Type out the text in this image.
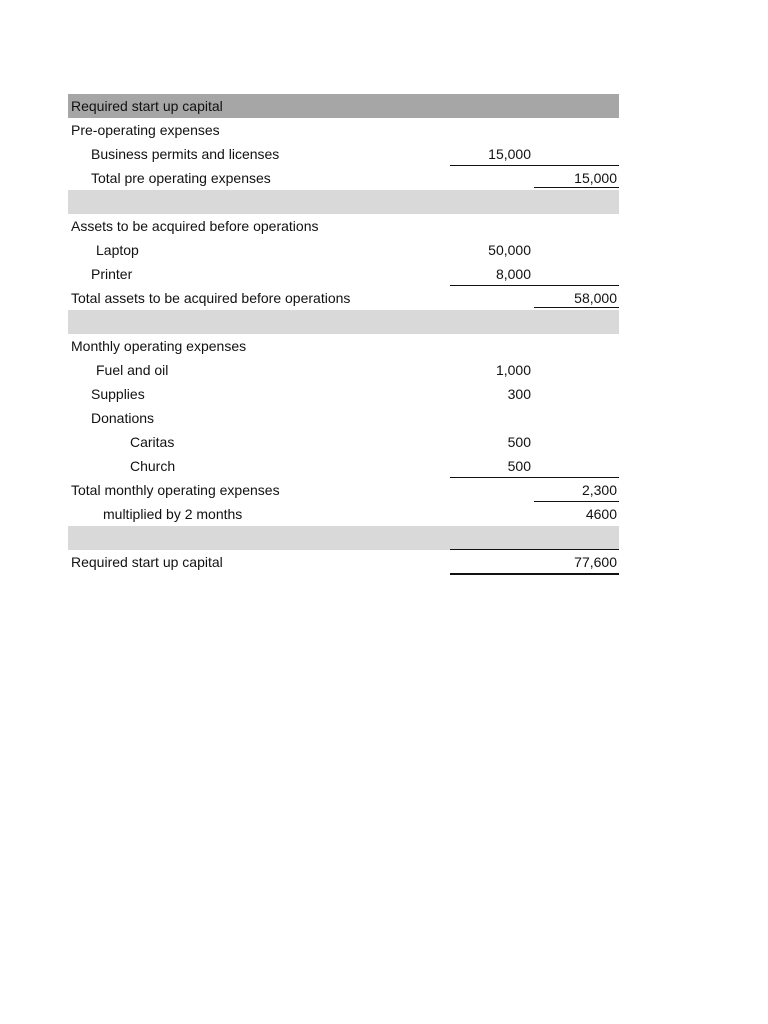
Required start up capital
Pre-operating expenses
Business permits and licenses	15,000
Total pre operating expenses	15,000
Assets to be acquired before operations
Laptop	50,000
Printer	8,000
Total assets to be acquired before operations	58,000
Monthly operating expenses
Fuel and oil	1,000
Supplies	300
Donations
Caritas	500
Church	500
Total monthly operating expenses	2,300
multiplied by 2 months	4600
Required start up capital	77,600
